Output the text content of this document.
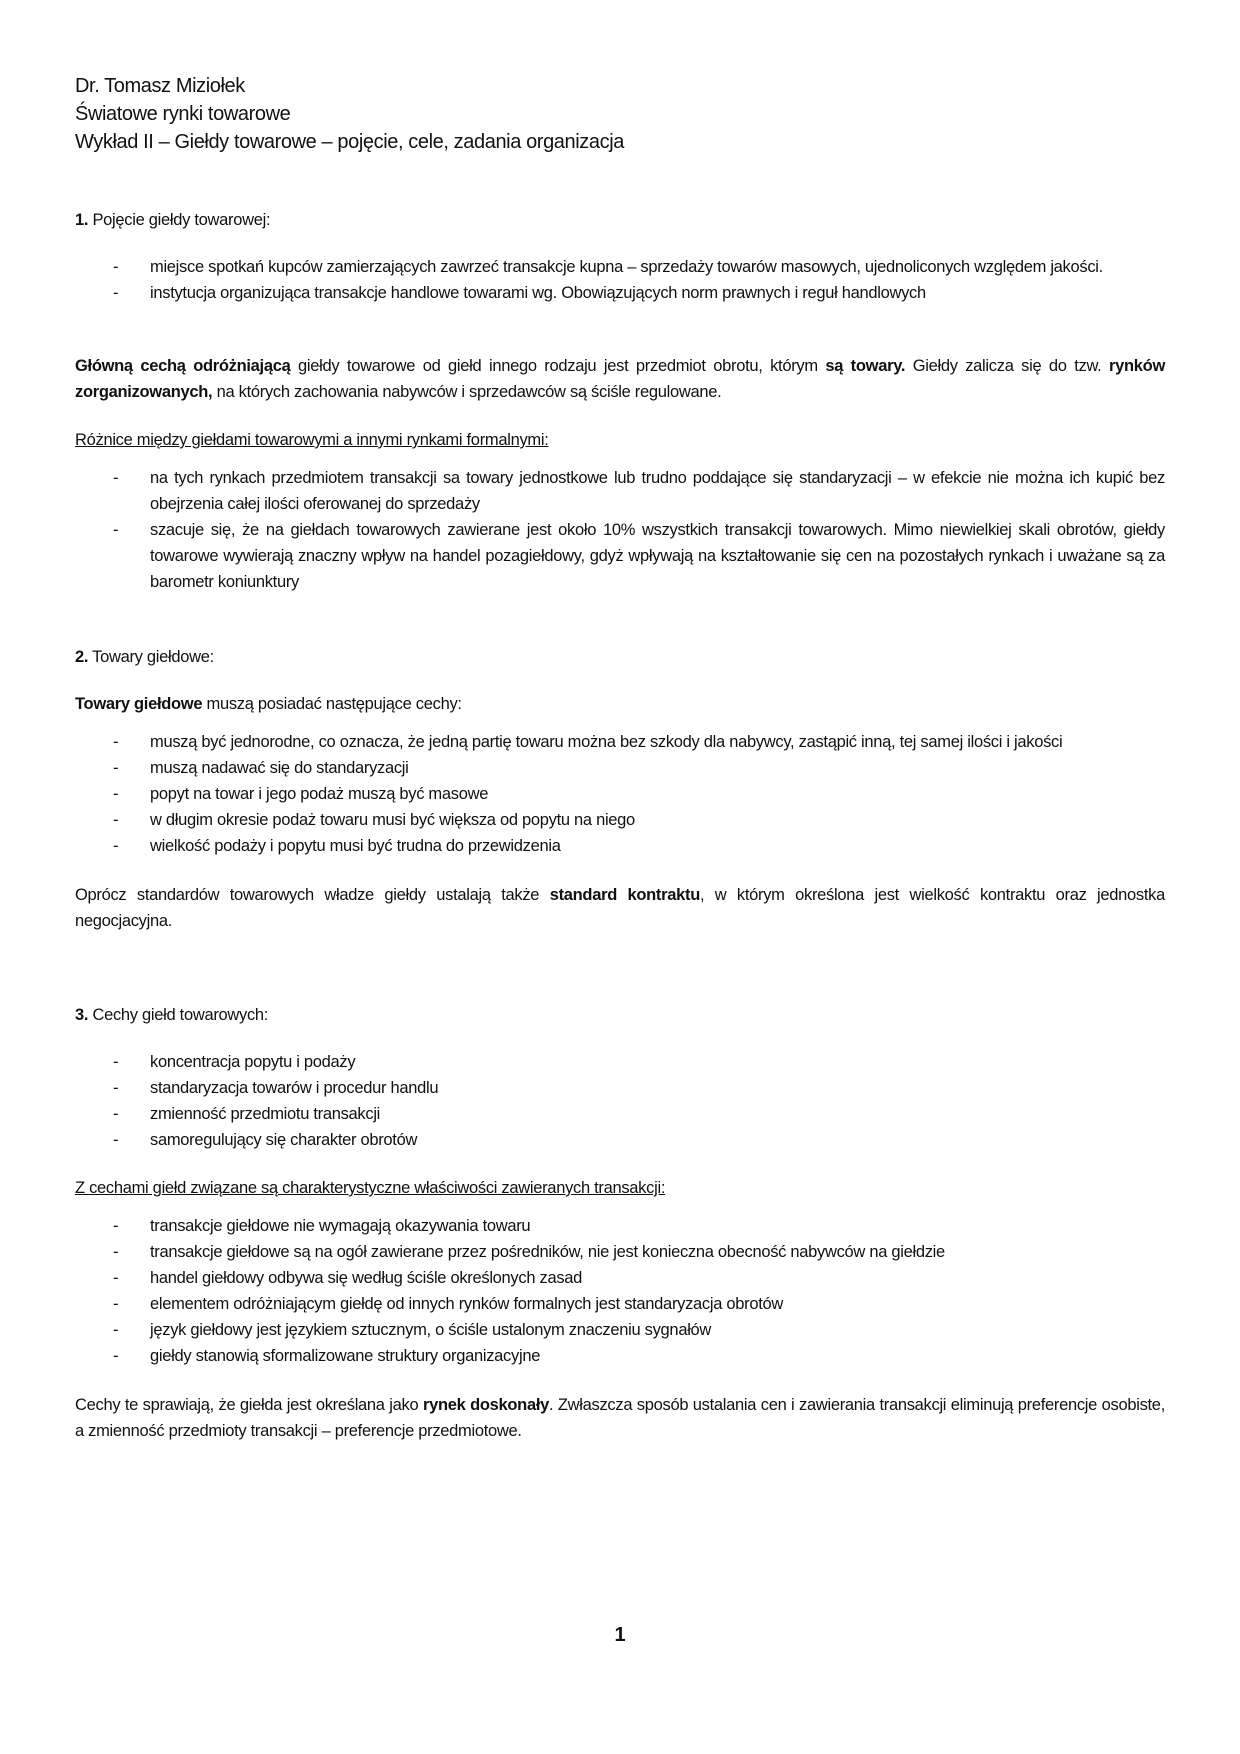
Dr. Tomasz Miziołek
Światowe rynki towarowe
Wykład II – Giełdy towarowe – pojęcie, cele, zadania organizacja
1. Pojęcie giełdy towarowej:
- miejsce spotkań kupców zamierzających zawrzeć transakcje kupna – sprzedaży towarów masowych, ujednoliconych względem jakości.
- instytucja organizująca transakcje handlowe towarami wg. Obowiązujących norm prawnych i reguł handlowych
Główną cechą odróżniającą giełdy towarowe od giełd innego rodzaju jest przedmiot obrotu, którym są towary. Giełdy zalicza się do tzw. rynków zorganizowanych, na których zachowania nabywców i sprzedawców są ściśle regulowane.
Różnice między giełdami towarowymi a innymi rynkami formalnymi:
- na tych rynkach przedmiotem transakcji sa towary jednostkowe lub trudno poddające się standaryzacji – w efekcie nie można ich kupić bez obejrzenia całej ilości oferowanej do sprzedaży
- szacuje się, że na giełdach towarowych zawierane jest około 10% wszystkich transakcji towarowych. Mimo niewielkiej skali obrotów, giełdy towarowe wywierają znaczny wpływ na handel pozagiełdowy, gdyż wpływają na kształtowanie się cen na pozostałych rynkach i uważane są za barometr koniunktury
2. Towary giełdowe:
Towary giełdowe muszą posiadać następujące cechy:
- muszą być jednorodne, co oznacza, że jedną partię towaru można bez szkody dla nabywcy, zastąpić inną, tej samej ilości i jakości
- muszą nadawać się do standaryzacji
- popyt na towar i jego podaż muszą być masowe
- w długim okresie podaż towaru musi być większa od popytu na niego
- wielkość podaży i popytu musi być trudna do przewidzenia
Oprócz standardów towarowych władze giełdy ustalają także standard kontraktu, w którym określona jest wielkość kontraktu oraz jednostka negocjacyjna.
3. Cechy giełd towarowych:
- koncentracja popytu i podaży
- standaryzacja towarów i procedur handlu
- zmienność przedmiotu transakcji
- samoregulujący się charakter obrotów
Z cechami giełd związane są charakterystyczne właściwości zawieranych transakcji:
- transakcje giełdowe nie wymagają okazywania towaru
- transakcje giełdowe są na ogół zawierane przez pośredników, nie jest konieczna obecność nabywców na giełdzie
- handel giełdowy odbywa się według ściśle określonych zasad
- elementem odróżniającym giełdę od innych rynków formalnych jest standaryzacja obrotów
- język giełdowy jest językiem sztucznym, o ściśle ustalonym znaczeniu sygnałów
- giełdy stanowią sformalizowane struktury organizacyjne
Cechy te sprawiają, że giełda jest określana jako rynek doskonały. Zwłaszcza sposób ustalania cen i zawierania transakcji eliminują preferencje osobiste, a zmienność przedmioty transakcji – preferencje przedmiotowe.
1
